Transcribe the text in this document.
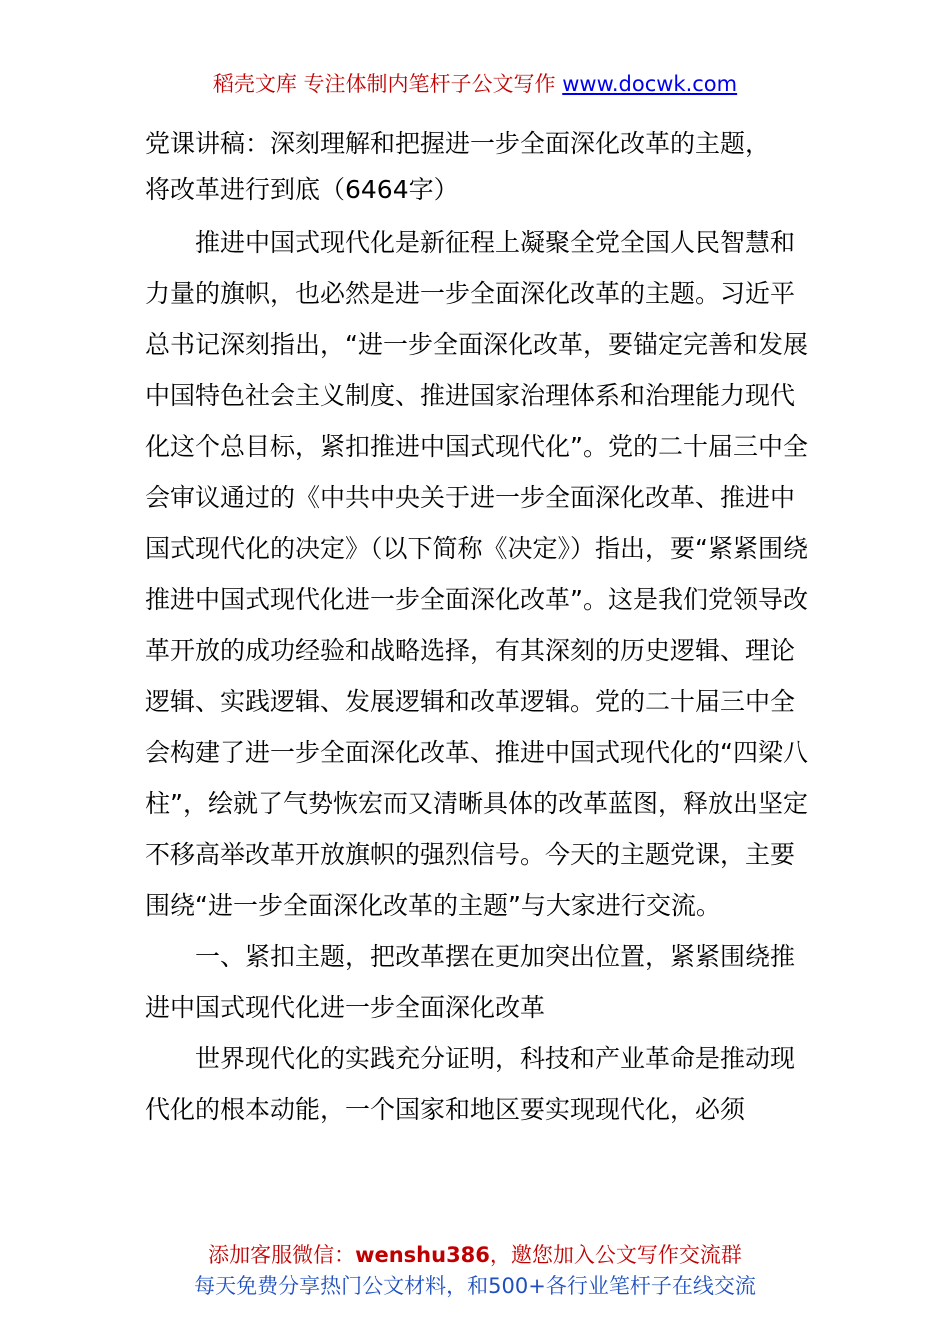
稻壳文库 专注体制内笔杆子公文写作 www.docwk.com
党课讲稿：深刻理解和把握进一步全面深化改革的主题，
将改革进行到底（6464字）

推进中国式现代化是新征程上凝聚全党全国人民智慧和力量的旗帜，也必然是进一步全面深化改革的主题。习近平总书记深刻指出，“进一步全面深化改革，要锚定完善和发展中国特色社会主义制度、推进国家治理体系和治理能力现代化这个总目标，紧扣推进中国式现代化”。党的二十届三中全会审议通过的《中共中央关于进一步全面深化改革、推进中国式现代化的决定》（以下简称《决定》）指出，要“紧紧围绕推进中国式现代化进一步全面深化改革”。这是我们党领导改革开放的成功经验和战略选择，有其深刻的历史逻辑、理论逻辑、实践逻辑、发展逻辑和改革逻辑。党的二十届三中全会构建了进一步全面深化改革、推进中国式现代化的“四梁八柱”，绘就了气势恢宏而又清晰具体的改革蓝图，释放出坚定不移高举改革开放旗帜的强烈信号。今天的主题党课，主要围绕“进一步全面深化改革的主题”与大家进行交流。

一、紧扣主题，把改革摆在更加突出位置，紧紧围绕推进中国式现代化进一步全面深化改革

世界现代化的实践充分证明，科技和产业革命是推动现代化的根本动能，一个国家和地区要实现现代化，必须

添加客服微信：wenshu386，邀您加入公文写作交流群
每天免费分享热门公文材料，和500+各行业笔杆子在线交流
